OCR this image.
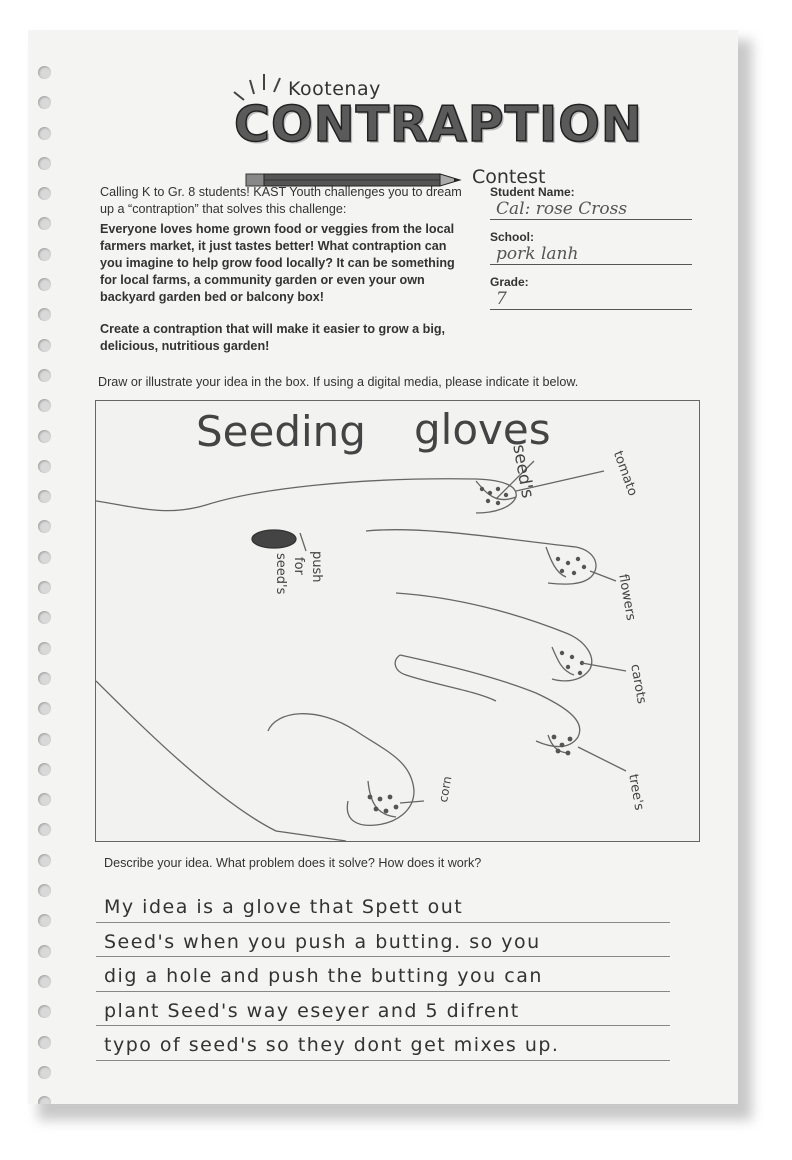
Kootenay
CONTRAPTION
Contest

Calling K to Gr. 8 students! KAST Youth challenges you to dream up a “contraption” that solves this challenge:

Everyone loves home grown food or veggies from the local farmers market, it just tastes better! What contraption can you imagine to help grow food locally? It can be something for local farms, a community garden or even your own backyard garden bed or balcony box!

Create a contraption that will make it easier to grow a big, delicious, nutritious garden!

Student Name:
Cal: rose Cross
School:
pork lanh
Grade:
7
Draw or illustrate your idea in the box. If using a digital media, please indicate it below.
Seeding gloves
seed's	tomato
flowers
carots
tree's
corn
push
for
seed's
Describe your idea. What problem does it solve? How does it work?
My idea is a glove that Spett out
Seed's when you push a butting. so you
dig a hole and push the butting you can
plant Seed's way eseyer and 5 difrent
typo of seed's so they dont get mixes up.
